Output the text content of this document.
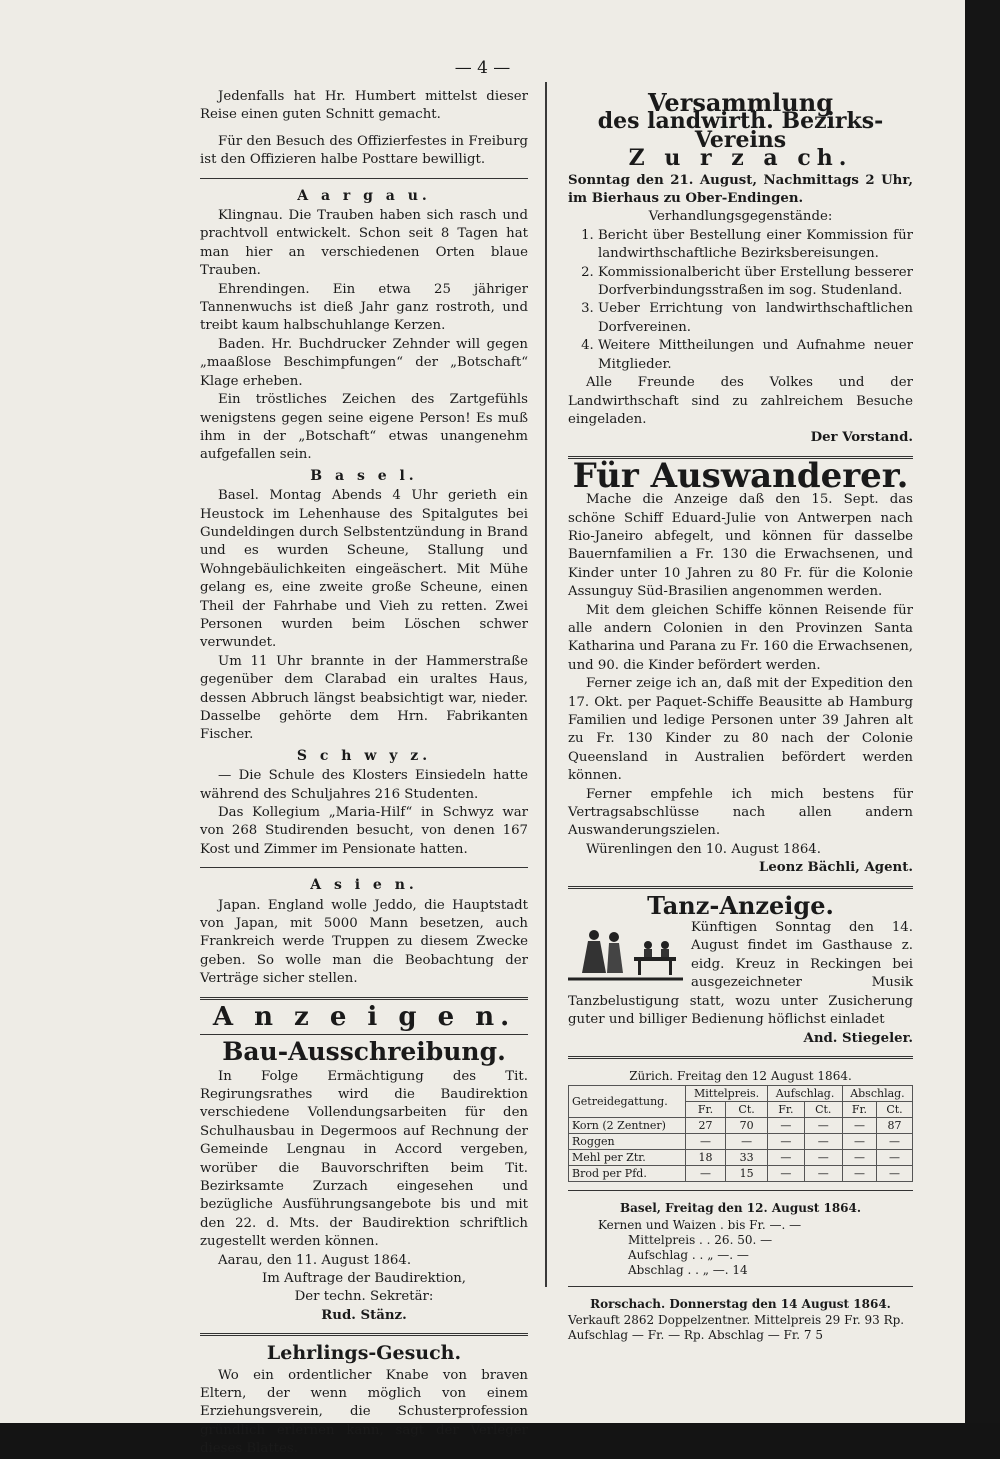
— 4 —

Jedenfalls hat Hr. Humbert mittelst dieser Reise einen guten Schnitt gemacht.

Für den Besuch des Offizierfestes in Freiburg ist den Offizieren halbe Posttare bewilligt.

A a r g a u.

Klingnau. Die Trauben haben sich rasch und prachtvoll entwickelt. Schon seit 8 Tagen hat man hier an verschiedenen Orten blaue Trauben.

Ehrendingen. Ein etwa 25 jähriger Tannenwuchs ist dieß Jahr ganz rostroth, und treibt kaum halbschuhlange Kerzen.

Baden. Hr. Buchdrucker Zehnder will gegen „maaßlose Beschimpfungen“ der „Botschaft“ Klage erheben.

Ein tröstliches Zeichen des Zartgefühls wenigstens gegen seine eigene Person! Es muß ihm in der „Botschaft“ etwas unangenehm aufgefallen sein.

B a s e l.

Basel. Montag Abends 4 Uhr gerieth ein Heustock im Lehenhause des Spitalgutes bei Gundeldingen durch Selbstentzündung in Brand und es wurden Scheune, Stallung und Wohngebäulichkeiten eingeäschert. Mit Mühe gelang es, eine zweite große Scheune, einen Theil der Fahrhabe und Vieh zu retten. Zwei Personen wurden beim Löschen schwer verwundet.

Um 11 Uhr brannte in der Hammerstraße gegenüber dem Clarabad ein uraltes Haus, dessen Abbruch längst beabsichtigt war, nieder. Dasselbe gehörte dem Hrn. Fabrikanten Fischer.

S c h w y z.

— Die Schule des Klosters Einsiedeln hatte während des Schuljahres 216 Studenten.

Das Kollegium „Maria-Hilf“ in Schwyz war von 268 Studirenden besucht, von denen 167 Kost und Zimmer im Pensionate hatten.

A s i e n.

Japan. England wolle Jeddo, die Hauptstadt von Japan, mit 5000 Mann besetzen, auch Frankreich werde Truppen zu diesem Zwecke geben. So wolle man die Beobachtung der Verträge sicher stellen.

A n z e i g e n.

Bau-Ausschreibung.

In Folge Ermächtigung des Tit. Regirungsrathes wird die Baudirektion verschiedene Vollendungsarbeiten für den Schulhausbau in Degermoos auf Rechnung der Gemeinde Lengnau in Accord vergeben, worüber die Bauvorschriften beim Tit. Bezirksamte Zurzach eingesehen und bezügliche Ausführungsangebote bis und mit den 22. d. Mts. der Baudirektion schriftlich zugestellt werden können.

Aarau, den 11. August 1864.

Im Auftrage der Baudirektion,

Der techn. Sekretär:

Rud. Stänz.

Lehrlings-Gesuch.

Wo ein ordentlicher Knabe von braven Eltern, der wenn möglich von einem Erziehungsverein, die Schusterprofession gründlich erlernen kann, sagt der Verleger dieses Blattes.

Versammlung

des landwirth. Bezirks-Vereins

Z u r z a ch.

Sonntag den 21. August, Nachmittags 2 Uhr, im Bierhaus zu Ober-Endingen.

Verhandlungsgegenstände:

1. Bericht über Bestellung einer Kommission für landwirthschaftliche Bezirksbereisungen.
2. Kommissionalbericht über Erstellung besserer Dorfverbindungsstraßen im sog. Studenland.
3. Ueber Errichtung von landwirthschaftlichen Dorfvereinen.
4. Weitere Mittheilungen und Aufnahme neuer Mitglieder.

Alle Freunde des Volkes und der Landwirthschaft sind zu zahlreichem Besuche eingeladen.

Der Vorstand.

Für Auswanderer.

Mache die Anzeige daß den 15. Sept. das schöne Schiff Eduard-Julie von Antwerpen nach Rio-Janeiro abfegelt, und können für dasselbe Bauernfamilien a Fr. 130 die Erwachsenen, und Kinder unter 10 Jahren zu 80 Fr. für die Kolonie Assunguy Süd-Brasilien angenommen werden.

Mit dem gleichen Schiffe können Reisende für alle andern Colonien in den Provinzen Santa Katharina und Parana zu Fr. 160 die Erwachsenen, und 90. die Kinder befördert werden.

Ferner zeige ich an, daß mit der Expedition den 17. Okt. per Paquet-Schiffe Beausitte ab Hamburg Familien und ledige Personen unter 39 Jahren alt zu Fr. 130 Kinder zu 80 nach der Colonie Queensland in Australien befördert werden können.

Ferner empfehle ich mich bestens für Vertragsabschlüsse nach allen andern Auswanderungszielen.

Würenlingen den 10. August 1864.

Leonz Bächli, Agent.

Tanz-Anzeige.

Künftigen Sonntag den 14. August findet im Gasthause z. eidg. Kreuz in Reckingen bei ausgezeichneter Musik Tanzbelustigung statt, wozu unter Zusicherung guter und billiger Bedienung höflichst einladet

And. Stiegeler.

Zürich. Freitag den 12 August 1864.

Getreidegattung.	Mittelpreis.		Aufschlag.		Abschlag.	
	Fr.	Ct.	Fr.	Ct.	Fr.	Ct.
Korn (2 Zentner)	27	70	—	—	—	87
Roggen	—	—	—	—	—	—
Mehl per Ztr.	18	33	—	—	—	—
Brod per Pfd.	—	15	—	—	—	—

Basel, Freitag den 12. August 1864.

Kernen und Waizen . bis Fr. —. —

Mittelpreis . . 26. 50. —

Aufschlag . . „ —. —

Abschlag . . „ —. 14

Rorschach. Donnerstag den 14 August 1864.

Verkauft 2862 Doppelzentner. Mittelpreis 29 Fr. 93 Rp.

Aufschlag — Fr. — Rp. Abschlag — Fr. 7 5
